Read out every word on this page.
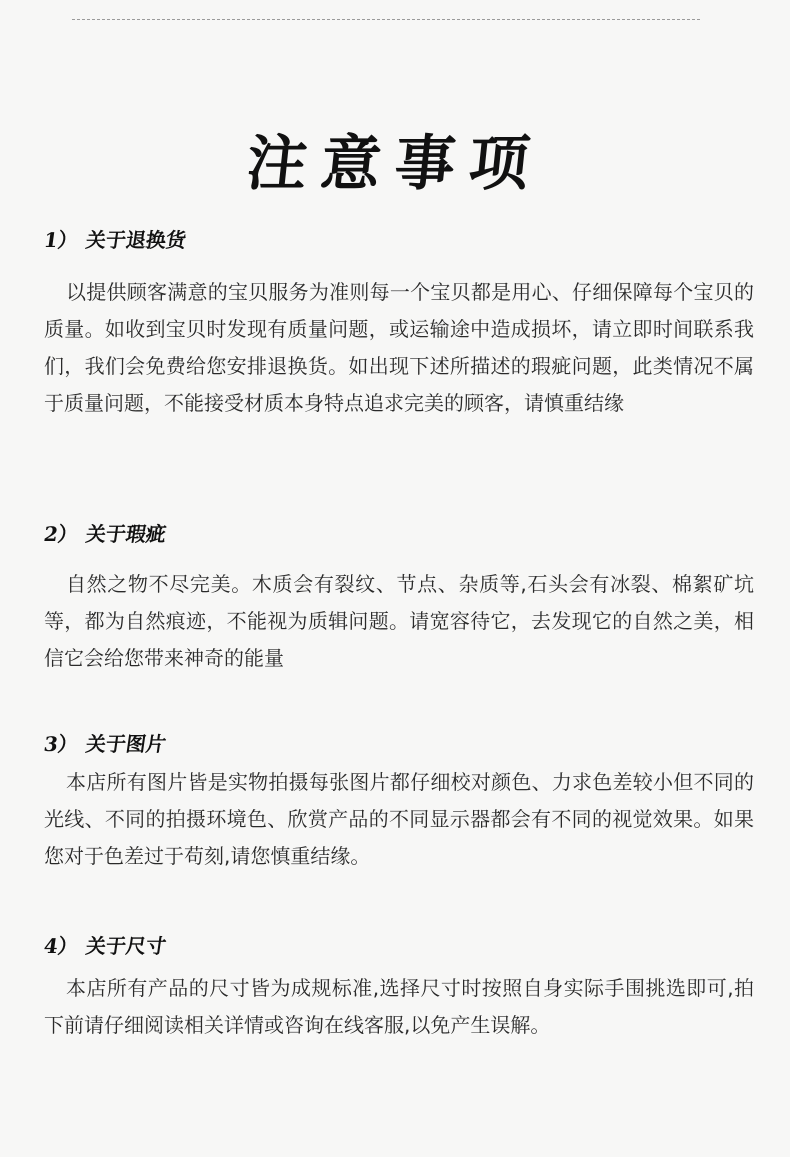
注意事项
1） 关于退换货

以提供顾客满意的宝贝服务为准则每一个宝贝都是用心、仔细保障每个宝贝的质量。如收到宝贝时发现有质量问题，或运输途中造成损坏，请立即时间联系我们，我们会免费给您安排退换货。如出现下述所描述的瑕疵问题，此类情况不属于质量问题，不能接受材质本身特点追求完美的顾客，请慎重结缘

2） 关于瑕疵

自然之物不尽完美。木质会有裂纹、节点、杂质等,石头会有冰裂、棉絮矿坑等，都为自然痕迹，不能视为质辑问题。请宽容待它，去发现它的自然之美，相信它会给您带来神奇的能量

3） 关于图片

本店所有图片皆是实物拍摄每张图片都仔细校对颜色、力求色差较小但不同的光线、不同的拍摄环境色、欣赏产品的不同显示器都会有不同的视觉效果。如果您对于色差过于苟刻,请您慎重结缘。

4） 关于尺寸

本店所有产品的尺寸皆为成规标准,选择尺寸时按照自身实际手围挑选即可,拍下前请仔细阅读相关详情或咨询在线客服,以免产生误解。
